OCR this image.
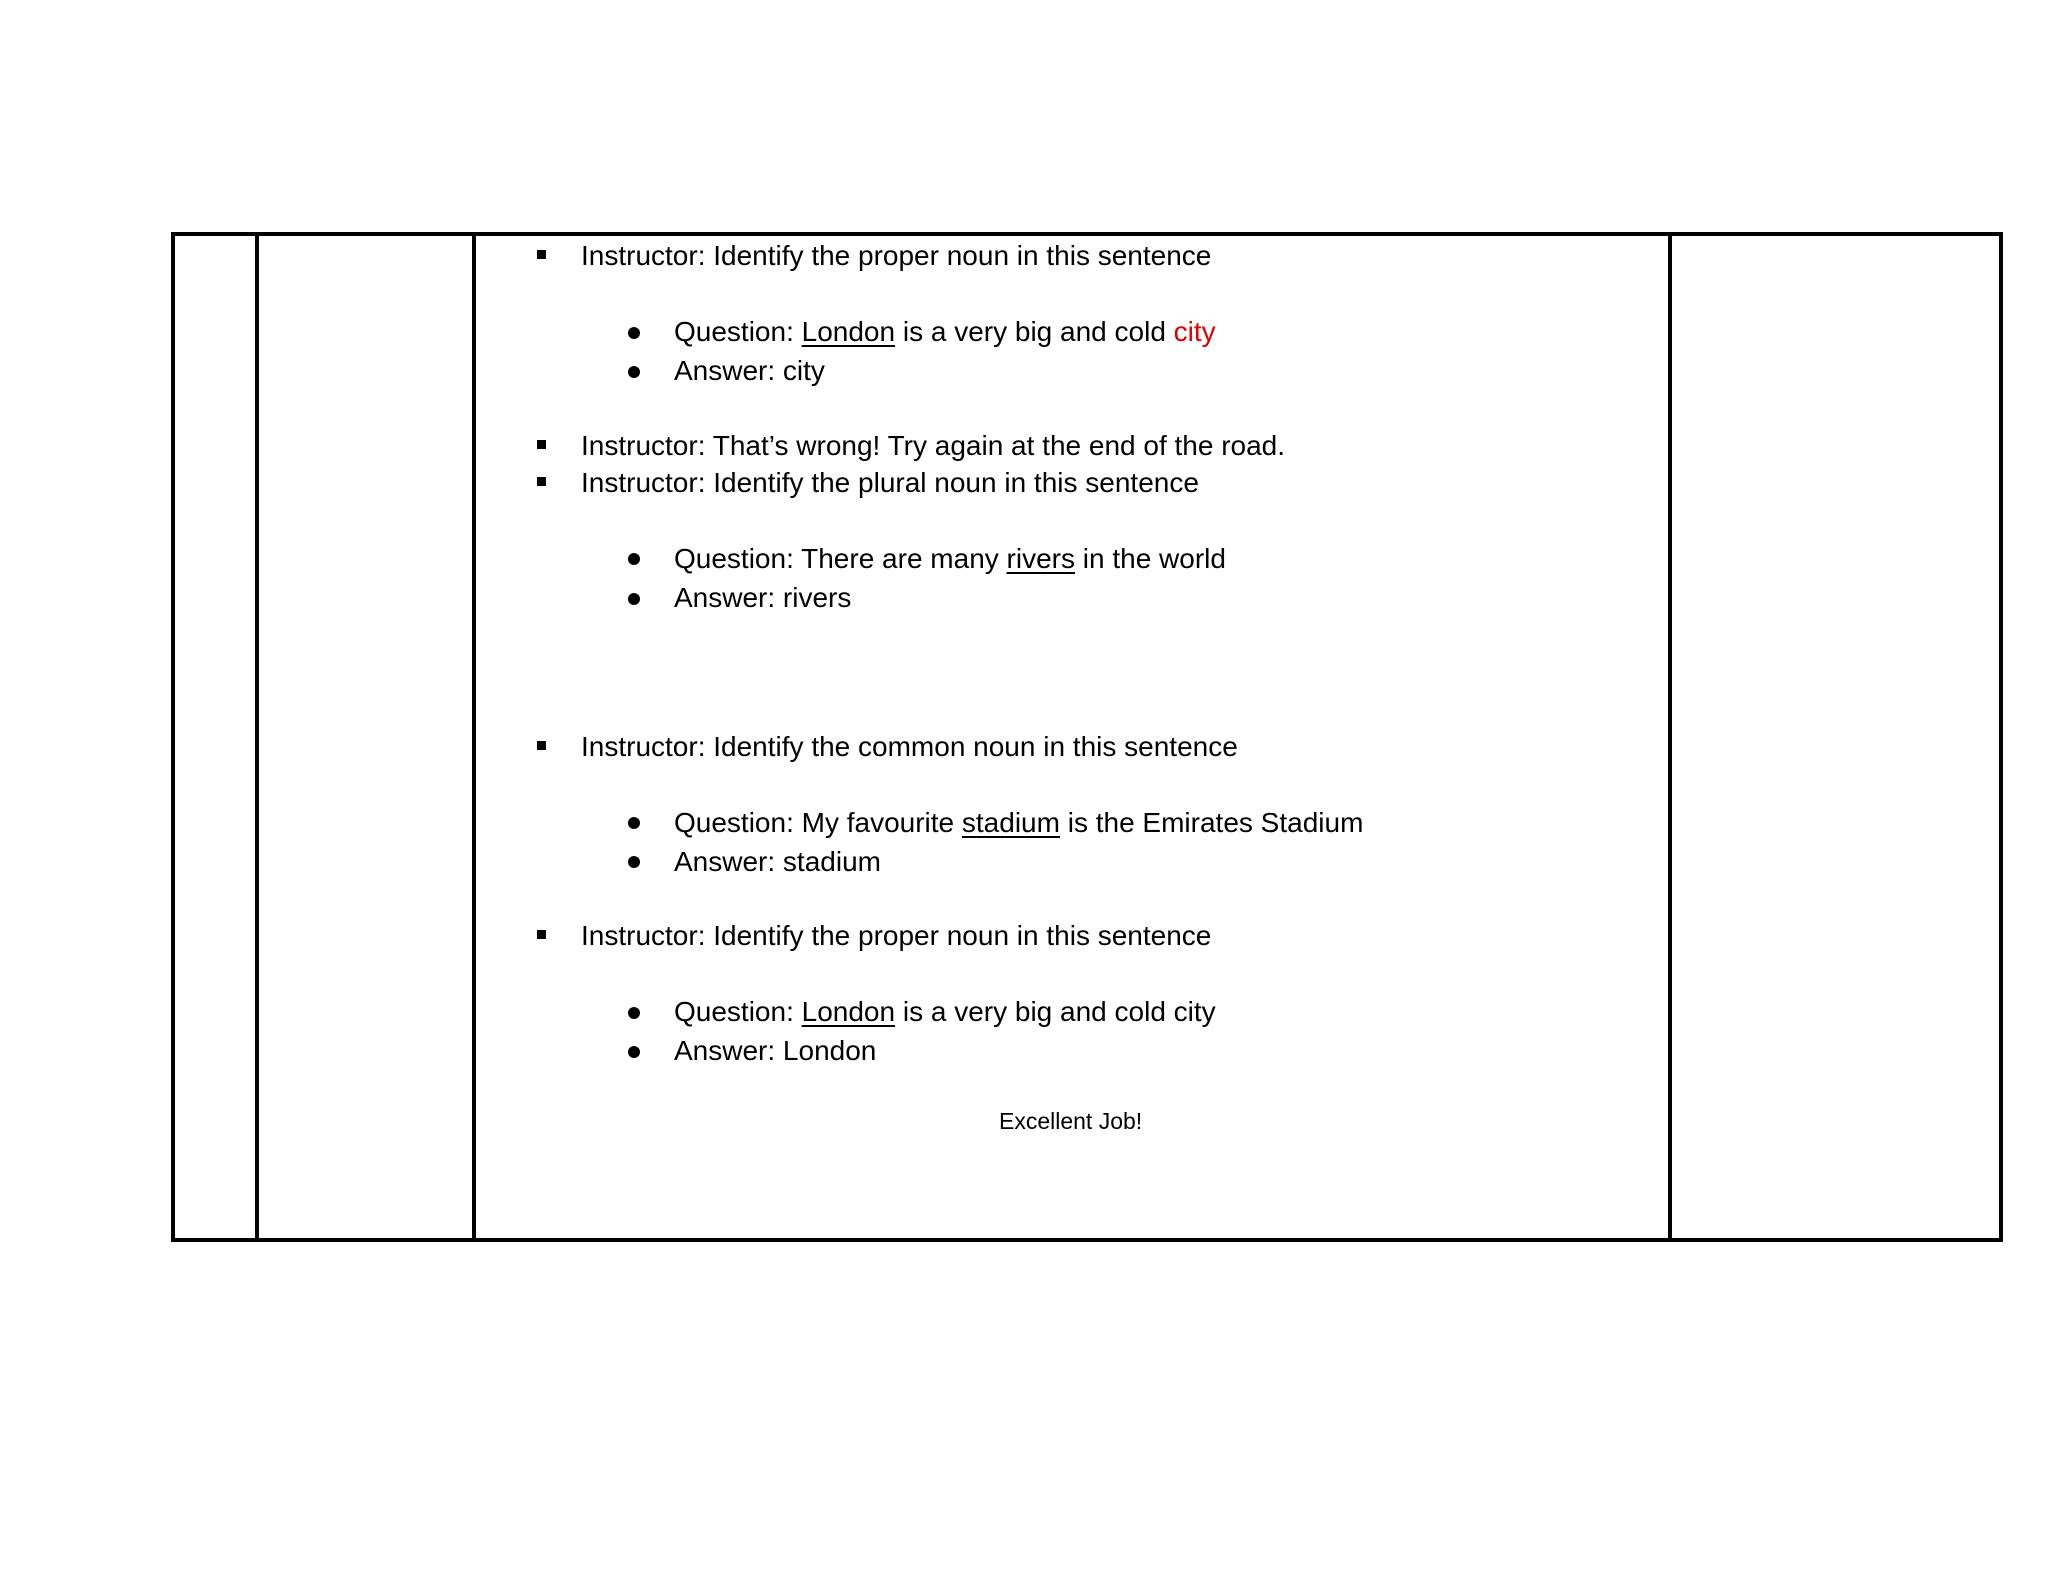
Instructor: Identify the proper noun in this sentence
Question: London is a very big and cold city
Answer: city
Instructor: That’s wrong! Try again at the end of the road.
Instructor: Identify the plural noun in this sentence
Question: There are many rivers in the world
Answer: rivers
Instructor: Identify the common noun in this sentence
Question: My favourite stadium is the Emirates Stadium
Answer: stadium
Instructor: Identify the proper noun in this sentence
Question: London is a very big and cold city
Answer: London
Excellent Job!
